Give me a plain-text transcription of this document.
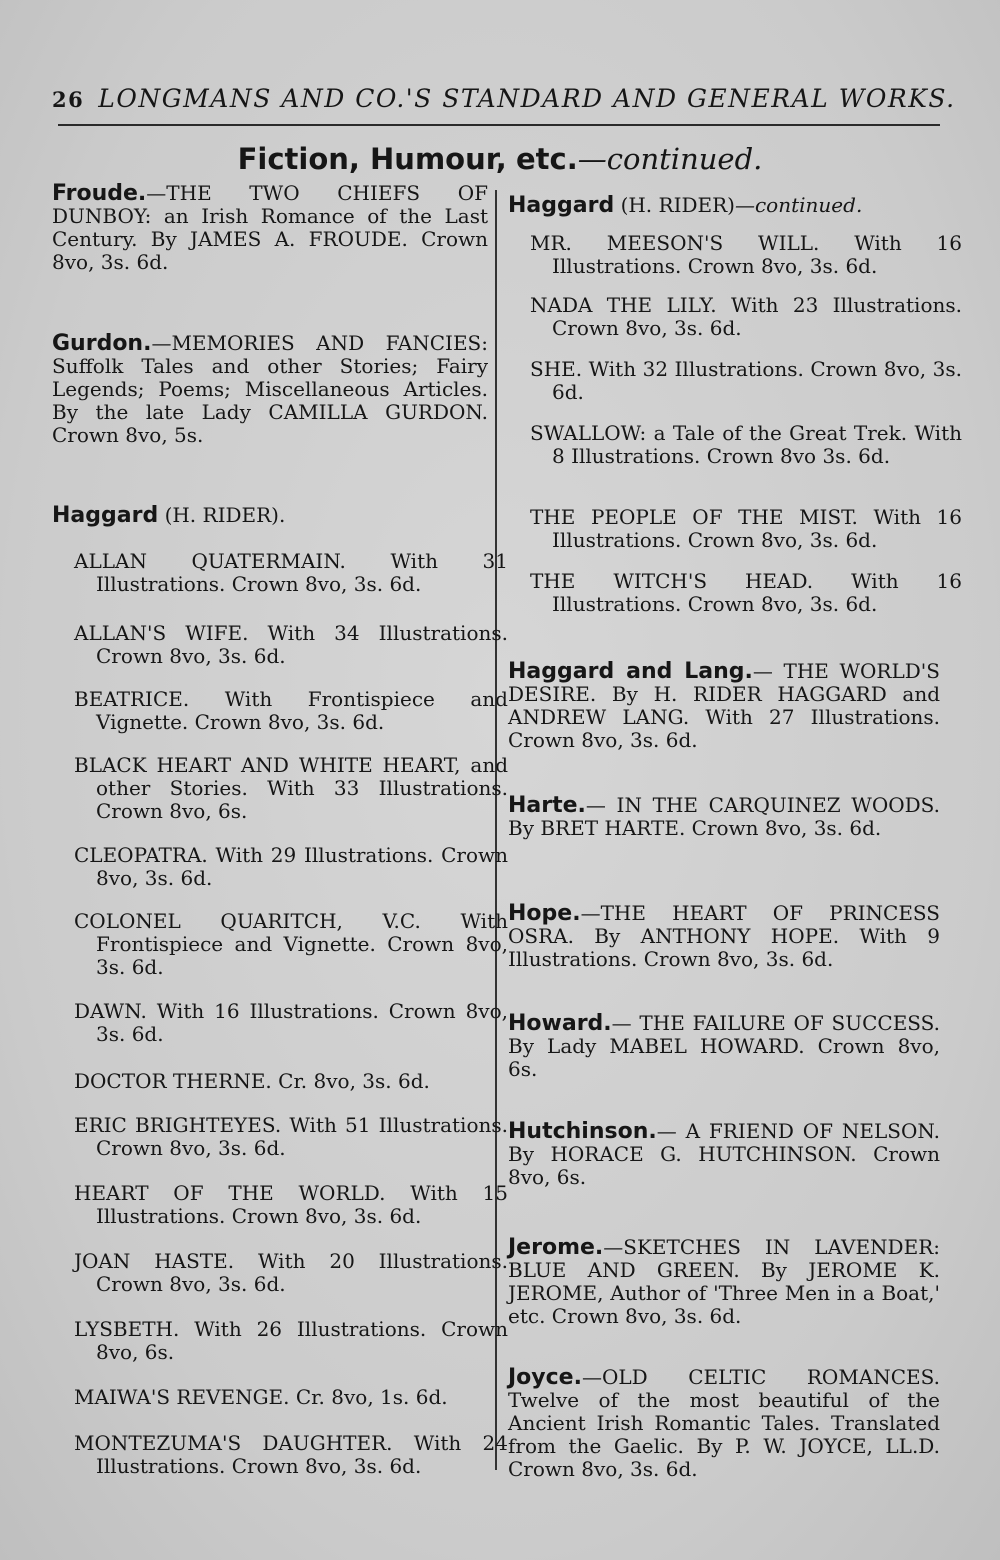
26 LONGMANS AND CO.'S STANDARD AND GENERAL WORKS.
Fiction, Humour, etc.—continued.
Froude.—THE TWO CHIEFS OF DUNBOY: an Irish Romance of the Last Century. By JAMES A. FROUDE. Crown 8vo, 3s. 6d.
Gurdon.—MEMORIES AND FANCIES: Suffolk Tales and other Stories; Fairy Legends; Poems; Miscellaneous Articles. By the late Lady CAMILLA GURDON. Crown 8vo, 5s.
Haggard (H. RIDER).
ALLAN QUATERMAIN. With 31 Illustrations. Crown 8vo, 3s. 6d.
ALLAN'S WIFE. With 34 Illustrations. Crown 8vo, 3s. 6d.
BEATRICE. With Frontispiece and Vignette. Crown 8vo, 3s. 6d.
BLACK HEART AND WHITE HEART, and other Stories. With 33 Illustrations. Crown 8vo, 6s.
CLEOPATRA. With 29 Illustrations. Crown 8vo, 3s. 6d.
COLONEL QUARITCH, V.C. With Frontispiece and Vignette. Crown 8vo, 3s. 6d.
DAWN. With 16 Illustrations. Crown 8vo, 3s. 6d.
DOCTOR THERNE. Cr. 8vo, 3s. 6d.
ERIC BRIGHTEYES. With 51 Illustrations. Crown 8vo, 3s. 6d.
HEART OF THE WORLD. With 15 Illustrations. Crown 8vo, 3s. 6d.
JOAN HASTE. With 20 Illustrations. Crown 8vo, 3s. 6d.
LYSBETH. With 26 Illustrations. Crown 8vo, 6s.
MAIWA'S REVENGE. Cr. 8vo, 1s. 6d.
MONTEZUMA'S DAUGHTER. With 24 Illustrations. Crown 8vo, 3s. 6d.
Haggard (H. RIDER)—continued.
MR. MEESON'S WILL. With 16 Illustrations. Crown 8vo, 3s. 6d.
NADA THE LILY. With 23 Illustrations. Crown 8vo, 3s. 6d.
SHE. With 32 Illustrations. Crown 8vo, 3s. 6d.
SWALLOW: a Tale of the Great Trek. With 8 Illustrations. Crown 8vo 3s. 6d.
THE PEOPLE OF THE MIST. With 16 Illustrations. Crown 8vo, 3s. 6d.
THE WITCH'S HEAD. With 16 Illustrations. Crown 8vo, 3s. 6d.
Haggard and Lang.— THE WORLD'S DESIRE. By H. RIDER HAGGARD and ANDREW LANG. With 27 Illustrations. Crown 8vo, 3s. 6d.
Harte.— IN THE CARQUINEZ WOODS. By BRET HARTE. Crown 8vo, 3s. 6d.
Hope.—THE HEART OF PRINCESS OSRA. By ANTHONY HOPE. With 9 Illustrations. Crown 8vo, 3s. 6d.
Howard.— THE FAILURE OF SUCCESS. By Lady MABEL HOWARD. Crown 8vo, 6s.
Hutchinson.— A FRIEND OF NELSON. By HORACE G. HUTCHINSON. Crown 8vo, 6s.
Jerome.—SKETCHES IN LAVENDER: BLUE AND GREEN. By JEROME K. JEROME, Author of 'Three Men in a Boat,' etc. Crown 8vo, 3s. 6d.
Joyce.—OLD CELTIC ROMANCES. Twelve of the most beautiful of the Ancient Irish Romantic Tales. Translated from the Gaelic. By P. W. JOYCE, LL.D. Crown 8vo, 3s. 6d.
